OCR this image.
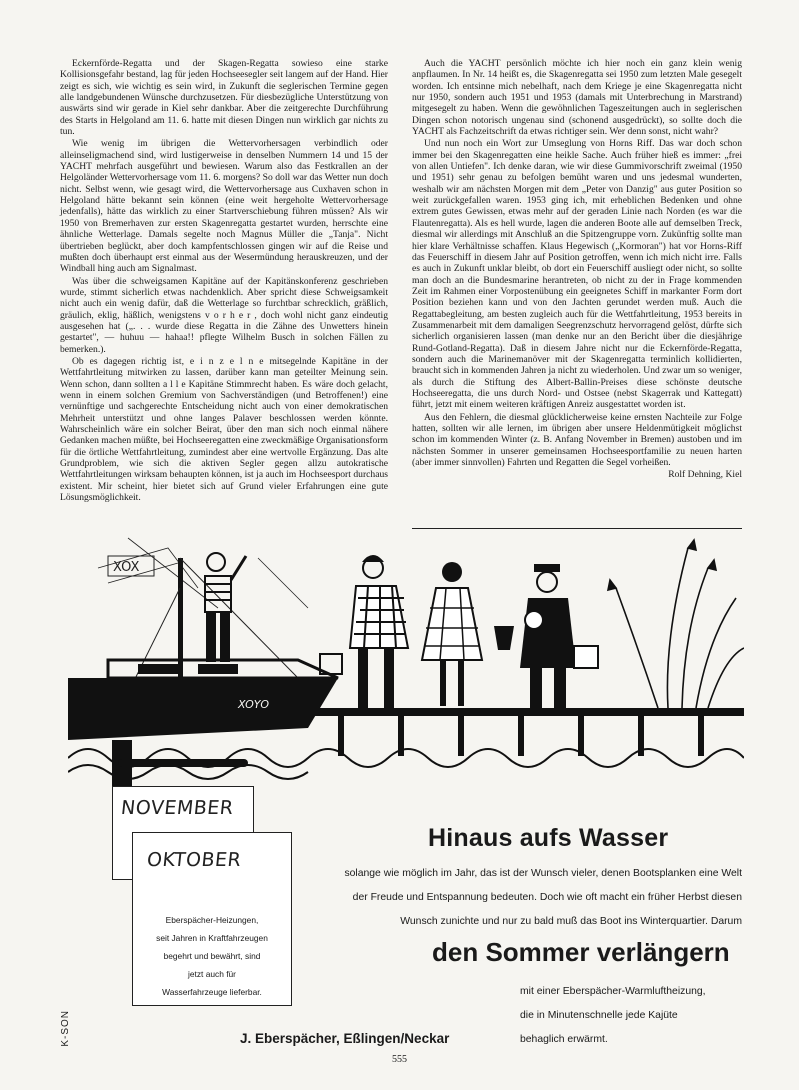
Eckernförde-Regatta und der Skagen-Regatta sowieso eine starke Kollisionsgefahr bestand, lag für jeden Hochseesegler seit langem auf der Hand. Hier zeigt es sich, wie wichtig es sein wird, in Zukunft die seglerischen Termine gegen alle landgebundenen Wünsche durchzusetzen. Für diesbezügliche Unterstützung von auswärts sind wir gerade in Kiel sehr dankbar. Aber die zeitgerechte Durchführung des Starts in Helgoland am 11. 6. hatte mit diesen Dingen nun wirklich gar nichts zu tun.

Wie wenig im übrigen die Wettervorhersagen verbindlich oder alleinseligmachend sind, wird lustigerweise in denselben Nummern 14 und 15 der YACHT mehrfach ausgeführt und bewiesen. Warum also das Festkrallen an der Helgoländer Wettervorhersage vom 11. 6. morgens? So doll war das Wetter nun doch nicht. Selbst wenn, wie gesagt wird, die Wettervorhersage aus Cuxhaven schon in Helgoland hätte bekannt sein können (eine weit hergeholte Wettervorhersage jedenfalls), hätte das wirklich zu einer Startverschiebung führen müssen? Als wir 1950 von Bremerhaven zur ersten Skagenregatta gestartet wurden, herrschte eine ähnliche Wetterlage. Damals segelte noch Magnus Müller die „Tanja". Nicht übertrieben beglückt, aber doch kampfentschlossen gingen wir auf die Reise und mußten doch überhaupt erst einmal aus der Wesermündung herauskreuzen, und der Windball hing auch am Signalmast.

Was über die schweigsamen Kapitäne auf der Kapitänskonferenz geschrieben wurde, stimmt sicherlich etwas nachdenklich. Aber spricht diese Schweigsamkeit nicht auch ein wenig dafür, daß die Wetterlage so furchtbar schrecklich, gräßlich, gräulich, eklig, häßlich, wenigstens v o r h e r , doch wohl nicht ganz eindeutig ausgesehen hat („. . . wurde diese Regatta in die Zähne des Unwetters hinein gestartet", — huhuu — hahaa!! pflegte Wilhelm Busch in solchen Fällen zu bemerken.).

Ob es dagegen richtig ist, e i n z e l n e mitsegelnde Kapitäne in der Wettfahrtleitung mitwirken zu lassen, darüber kann man geteilter Meinung sein. Wenn schon, dann sollten a l l e Kapitäne Stimmrecht haben. Es wäre doch gelacht, wenn in einem solchen Gremium von Sachverständigen (und Betroffenen!) eine vernünftige und sachgerechte Entscheidung nicht auch von einer demokratischen Mehrheit unterstützt und ohne langes Palaver beschlossen werden könnte. Wahrscheinlich wäre ein solcher Beirat, über den man sich noch einmal nähere Gedanken machen müßte, bei Hochseeregatten eine zweckmäßige Organisationsform für die örtliche Wettfahrtleitung, zumindest aber eine wertvolle Ergänzung. Das alte Grundproblem, wie sich die aktiven Segler gegen allzu autokratische Wettfahrtleitungen wirksam behaupten können, ist ja auch im Hochseesport durchaus existent. Mir scheint, hier bietet sich auf Grund vieler Erfahrungen eine gute Lösungsmöglichkeit.

Auch die YACHT persönlich möchte ich hier noch ein ganz klein wenig anpflaumen. In Nr. 14 heißt es, die Skagenregatta sei 1950 zum letzten Male gesegelt worden. Ich entsinne mich nebelhaft, nach dem Kriege je eine Skagenregatta nicht nur 1950, sondern auch 1951 und 1953 (damals mit Unterbrechung in Marstrand) mitgesegelt zu haben. Wenn die gewöhnlichen Tageszeitungen auch in seglerischen Dingen schon notorisch ungenau sind (schonend ausgedrückt), so sollte doch die YACHT als Fachzeitschrift da etwas richtiger sein. Wer denn sonst, nicht wahr?

Und nun noch ein Wort zur Umseglung von Horns Riff. Das war doch schon immer bei den Skagenregatten eine heikle Sache. Auch früher hieß es immer: „frei von allen Untiefen". Ich denke daran, wie wir diese Gummivorschrift zweimal (1950 und 1951) sehr genau zu befolgen bemüht waren und uns jedesmal wunderten, weshalb wir am nächsten Morgen mit dem „Peter von Danzig" aus guter Position so weit zurückgefallen waren. 1953 ging ich, mit erheblichen Bedenken und ohne extrem gutes Gewissen, etwas mehr auf der geraden Linie nach Norden (es war die Flautenregatta). Als es hell wurde, lagen die anderen Boote alle auf demselben Treck, diesmal wir allerdings mit Anschluß an die Spitzengruppe vorn. Zukünftig sollte man hier klare Verhältnisse schaffen. Klaus Hegewisch („Kormoran") hat vor Horns-Riff das Feuerschiff in diesem Jahr auf Position getroffen, wenn ich mich nicht irre. Falls es auch in Zukunft unklar bleibt, ob dort ein Feuerschiff ausliegt oder nicht, so sollte man doch an die Bundesmarine herantreten, ob nicht zu der in Frage kommenden Zeit im Rahmen einer Vorpostenübung ein geeignetes Schiff in markanter Form dort Position beziehen kann und von den Jachten gerundet werden muß. Auch die Regattabegleitung, am besten zugleich auch für die Wettfahrtleitung, 1953 bereits in Zusammenarbeit mit dem damaligen Seegrenzschutz hervorragend gelöst, dürfte sich sicherlich organisieren lassen (man denke nur an den Bericht über die diesjährige Rund-Gotland-Regatta). Daß in diesem Jahre nicht nur die Eckernförde-Regatta, sondern auch die Marinemanöver mit der Skagenregatta terminlich kollidierten, braucht sich in kommenden Jahren ja nicht zu wiederholen. Und zwar um so weniger, als durch die Stiftung des Albert-Ballin-Preises diese schönste deutsche Hochseeregatta, die uns durch Nord- und Ostsee (nebst Skagerrak und Kattegatt) führt, jetzt mit einem weiteren kräftigen Anreiz ausgestattet worden ist.

Aus den Fehlern, die diesmal glücklicherweise keine ernsten Nachteile zur Folge hatten, sollten wir alle lernen, im übrigen aber unsere Heldenmütigkeit möglichst schon im kommenden Winter (z. B. Anfang November in Bremen) austoben und im nächsten Sommer in unserer gemeinsamen Hochseesportfamilie zu neuen harten (aber immer sinnvollen) Fahrten und Regatten die Segel vorheißen.

Rolf Dehning, Kiel

XOX
XOYO
NOVEMBER
OKTOBER
Eberspächer-Heizungen,
seit Jahren in Kraftfahrzeugen
begehrt und bewährt, sind
jetzt auch für
Wasserfahrzeuge lieferbar.
Hinaus aufs Wasser
solange wie möglich im Jahr, das ist der Wunsch vieler, denen Bootsplanken eine Welt
der Freude und Entspannung bedeuten. Doch wie oft macht ein früher Herbst diesen
Wunsch zunichte und nur zu bald muß das Boot ins Winterquartier. Darum
den Sommer verlängern
mit einer Eberspächer-Warmluftheizung,
die in Minutenschnelle jede Kajüte
behaglich erwärmt.
J. Eberspächer, Eßlingen/Neckar
K-SON
555
